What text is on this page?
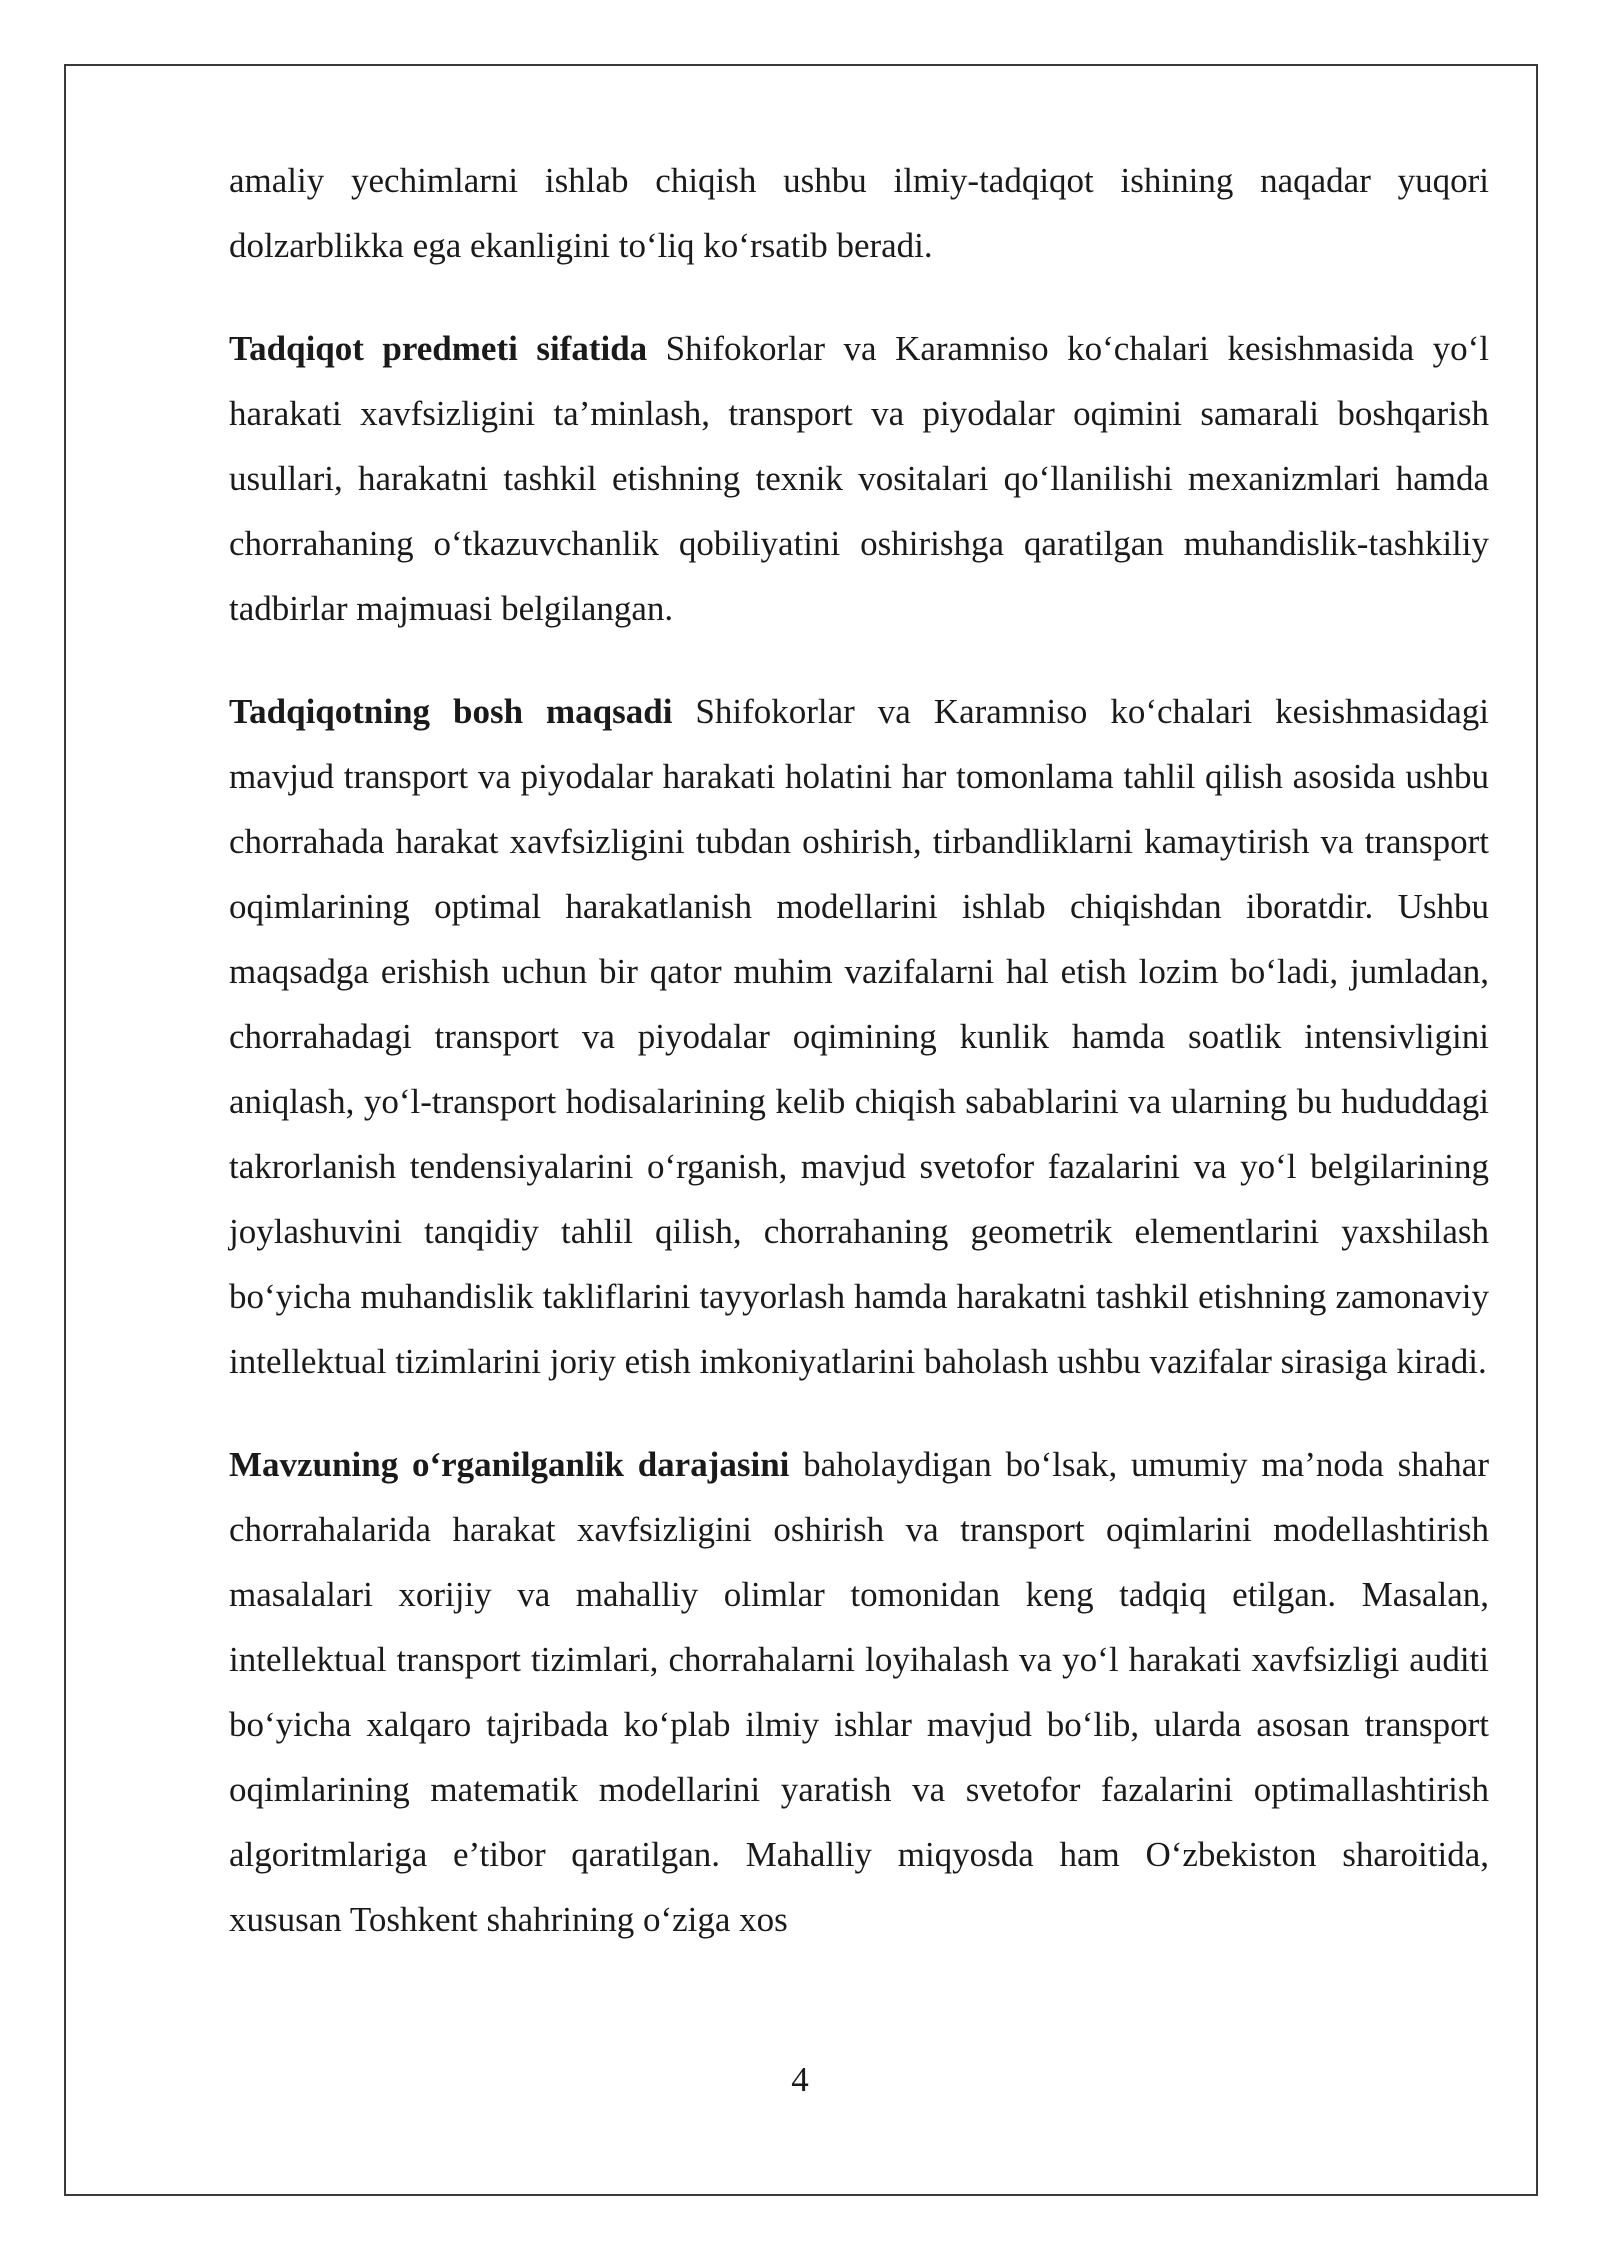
amaliy yechimlarni ishlab chiqish ushbu ilmiy-tadqiqot ishining naqadar yuqori dolzarblikka ega ekanligini to‘liq ko‘rsatib beradi.

Tadqiqot predmeti sifatida Shifokorlar va Karamniso ko‘chalari kesishmasida yo‘l harakati xavfsizligini ta’minlash, transport va piyodalar oqimini samarali boshqarish usullari, harakatni tashkil etishning texnik vositalari qo‘llanilishi mexanizmlari hamda chorrahaning o‘tkazuvchanlik qobiliyatini oshirishga qaratilgan muhandislik-tashkiliy tadbirlar majmuasi belgilangan.

Tadqiqotning bosh maqsadi Shifokorlar va Karamniso ko‘chalari kesishmasidagi mavjud transport va piyodalar harakati holatini har tomonlama tahlil qilish asosida ushbu chorrahada harakat xavfsizligini tubdan oshirish, tirbandliklarni kamaytirish va transport oqimlarining optimal harakatlanish modellarini ishlab chiqishdan iboratdir. Ushbu maqsadga erishish uchun bir qator muhim vazifalarni hal etish lozim bo‘ladi, jumladan, chorrahadagi transport va piyodalar oqimining kunlik hamda soatlik intensivligini aniqlash, yo‘l-transport hodisalarining kelib chiqish sabablarini va ularning bu hududdagi takrorlanish tendensiyalarini o‘rganish, mavjud svetofor fazalarini va yo‘l belgilarining joylashuvini tanqidiy tahlil qilish, chorrahaning geometrik elementlarini yaxshilash bo‘yicha muhandislik takliflarini tayyorlash hamda harakatni tashkil etishning zamonaviy intellektual tizimlarini joriy etish imkoniyatlarini baholash ushbu vazifalar sirasiga kiradi.

Mavzuning o‘rganilganlik darajasini baholaydigan bo‘lsak, umumiy ma’noda shahar chorrahalarida harakat xavfsizligini oshirish va transport oqimlarini modellashtirish masalalari xorijiy va mahalliy olimlar tomonidan keng tadqiq etilgan. Masalan, intellektual transport tizimlari, chorrahalarni loyihalash va yo‘l harakati xavfsizligi auditi bo‘yicha xalqaro tajribada ko‘plab ilmiy ishlar mavjud bo‘lib, ularda asosan transport oqimlarining matematik modellarini yaratish va svetofor fazalarini optimallashtirish algoritmlariga e’tibor qaratilgan. Mahalliy miqyosda ham O‘zbekiston sharoitida, xususan Toshkent shahrining o‘ziga xos

4
